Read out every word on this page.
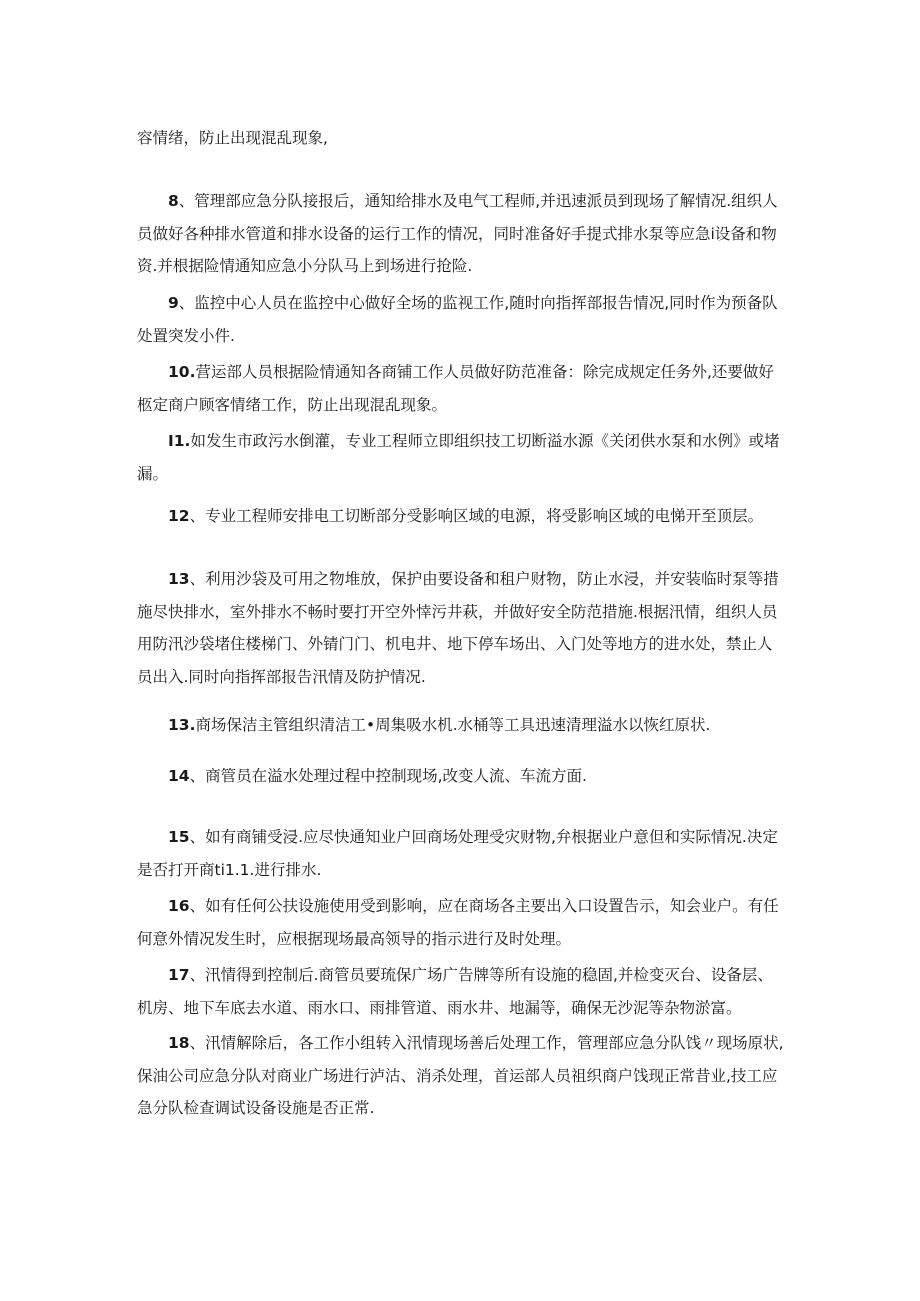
容情绪，防止出现混乱现象,

8、管理部应急分队接报后，通知给排水及电气工程师,并迅速派员到现场了解情况.组织人员做好各种排水管道和排水设备的运行工作的情况，同时准备好手提式排水泵等应急i设备和物资.并根据险情通知应急小分队马上到场进行抢险.

9、监控中心人员在监控中心做好全场的监视工作,随时向指挥部报告情况,同时作为预备队处置突发小件.

10.营运部人员根据险情通知各商铺工作人员做好防范准备：除完成规定任务外,还要做好柩定商户顾客情绪工作，防止出现混乱现象。

I1.如发生市政污水倒灌，专业工程师立即组织技工切断溢水源《关闭供水泵和水例》或堵漏。

12、专业工程师安排电工切断部分受影响区域的电源，将受影响区域的电悌开至顶层。

13、利用沙袋及可用之物堆放，保护由要设备和租户财物，防止水浸，并安装临时泵等措施尽快排水，室外排水不畅时要打开空外悻污井萩，并做好安全防范措施.根据汛情，组织人员用防汛沙袋堵住楼梯门、外锖门门、机电井、地下停车场出、入门处等地方的进水处，禁止人员出入.同时向指挥部报告汛情及防护情况.

13.商场保洁主管组织清洁工•周集吸水机.水桶等工具迅速清理溢水以恢红原状.

14、商管员在溢水处理过程中控制现场,改变人流、车流方面.

15、如有商铺受浸.应尽快通知业户回商场处理受灾财物,弁根据业户意但和实际情况.决定是否打开商ti1.1.进行排水.

16、如有任何公扶设施使用受到影响，应在商场各主要出入口设置告示，知会业户。有任何意外情况发生时，应根据现场最高领导的指示进行及时处理。

17、汛情得到控制后.商管员要琉保广场广告牌等所有设施的稳固,并检变灭台、设备层、机房、地下车底去水道、雨水口、雨排管道、雨水井、地漏等，确保无沙泥等杂物淤富。

18、汛情解除后，各工作小组转入汛情现场善后处理工作，管理部应急分队饯〃现场原状,保油公司应急分队对商业广场进行泸沽、消杀处理，首运部人员祖织商户饯现正常昔业,技工应急分队检查调试设备设施是否正常.
